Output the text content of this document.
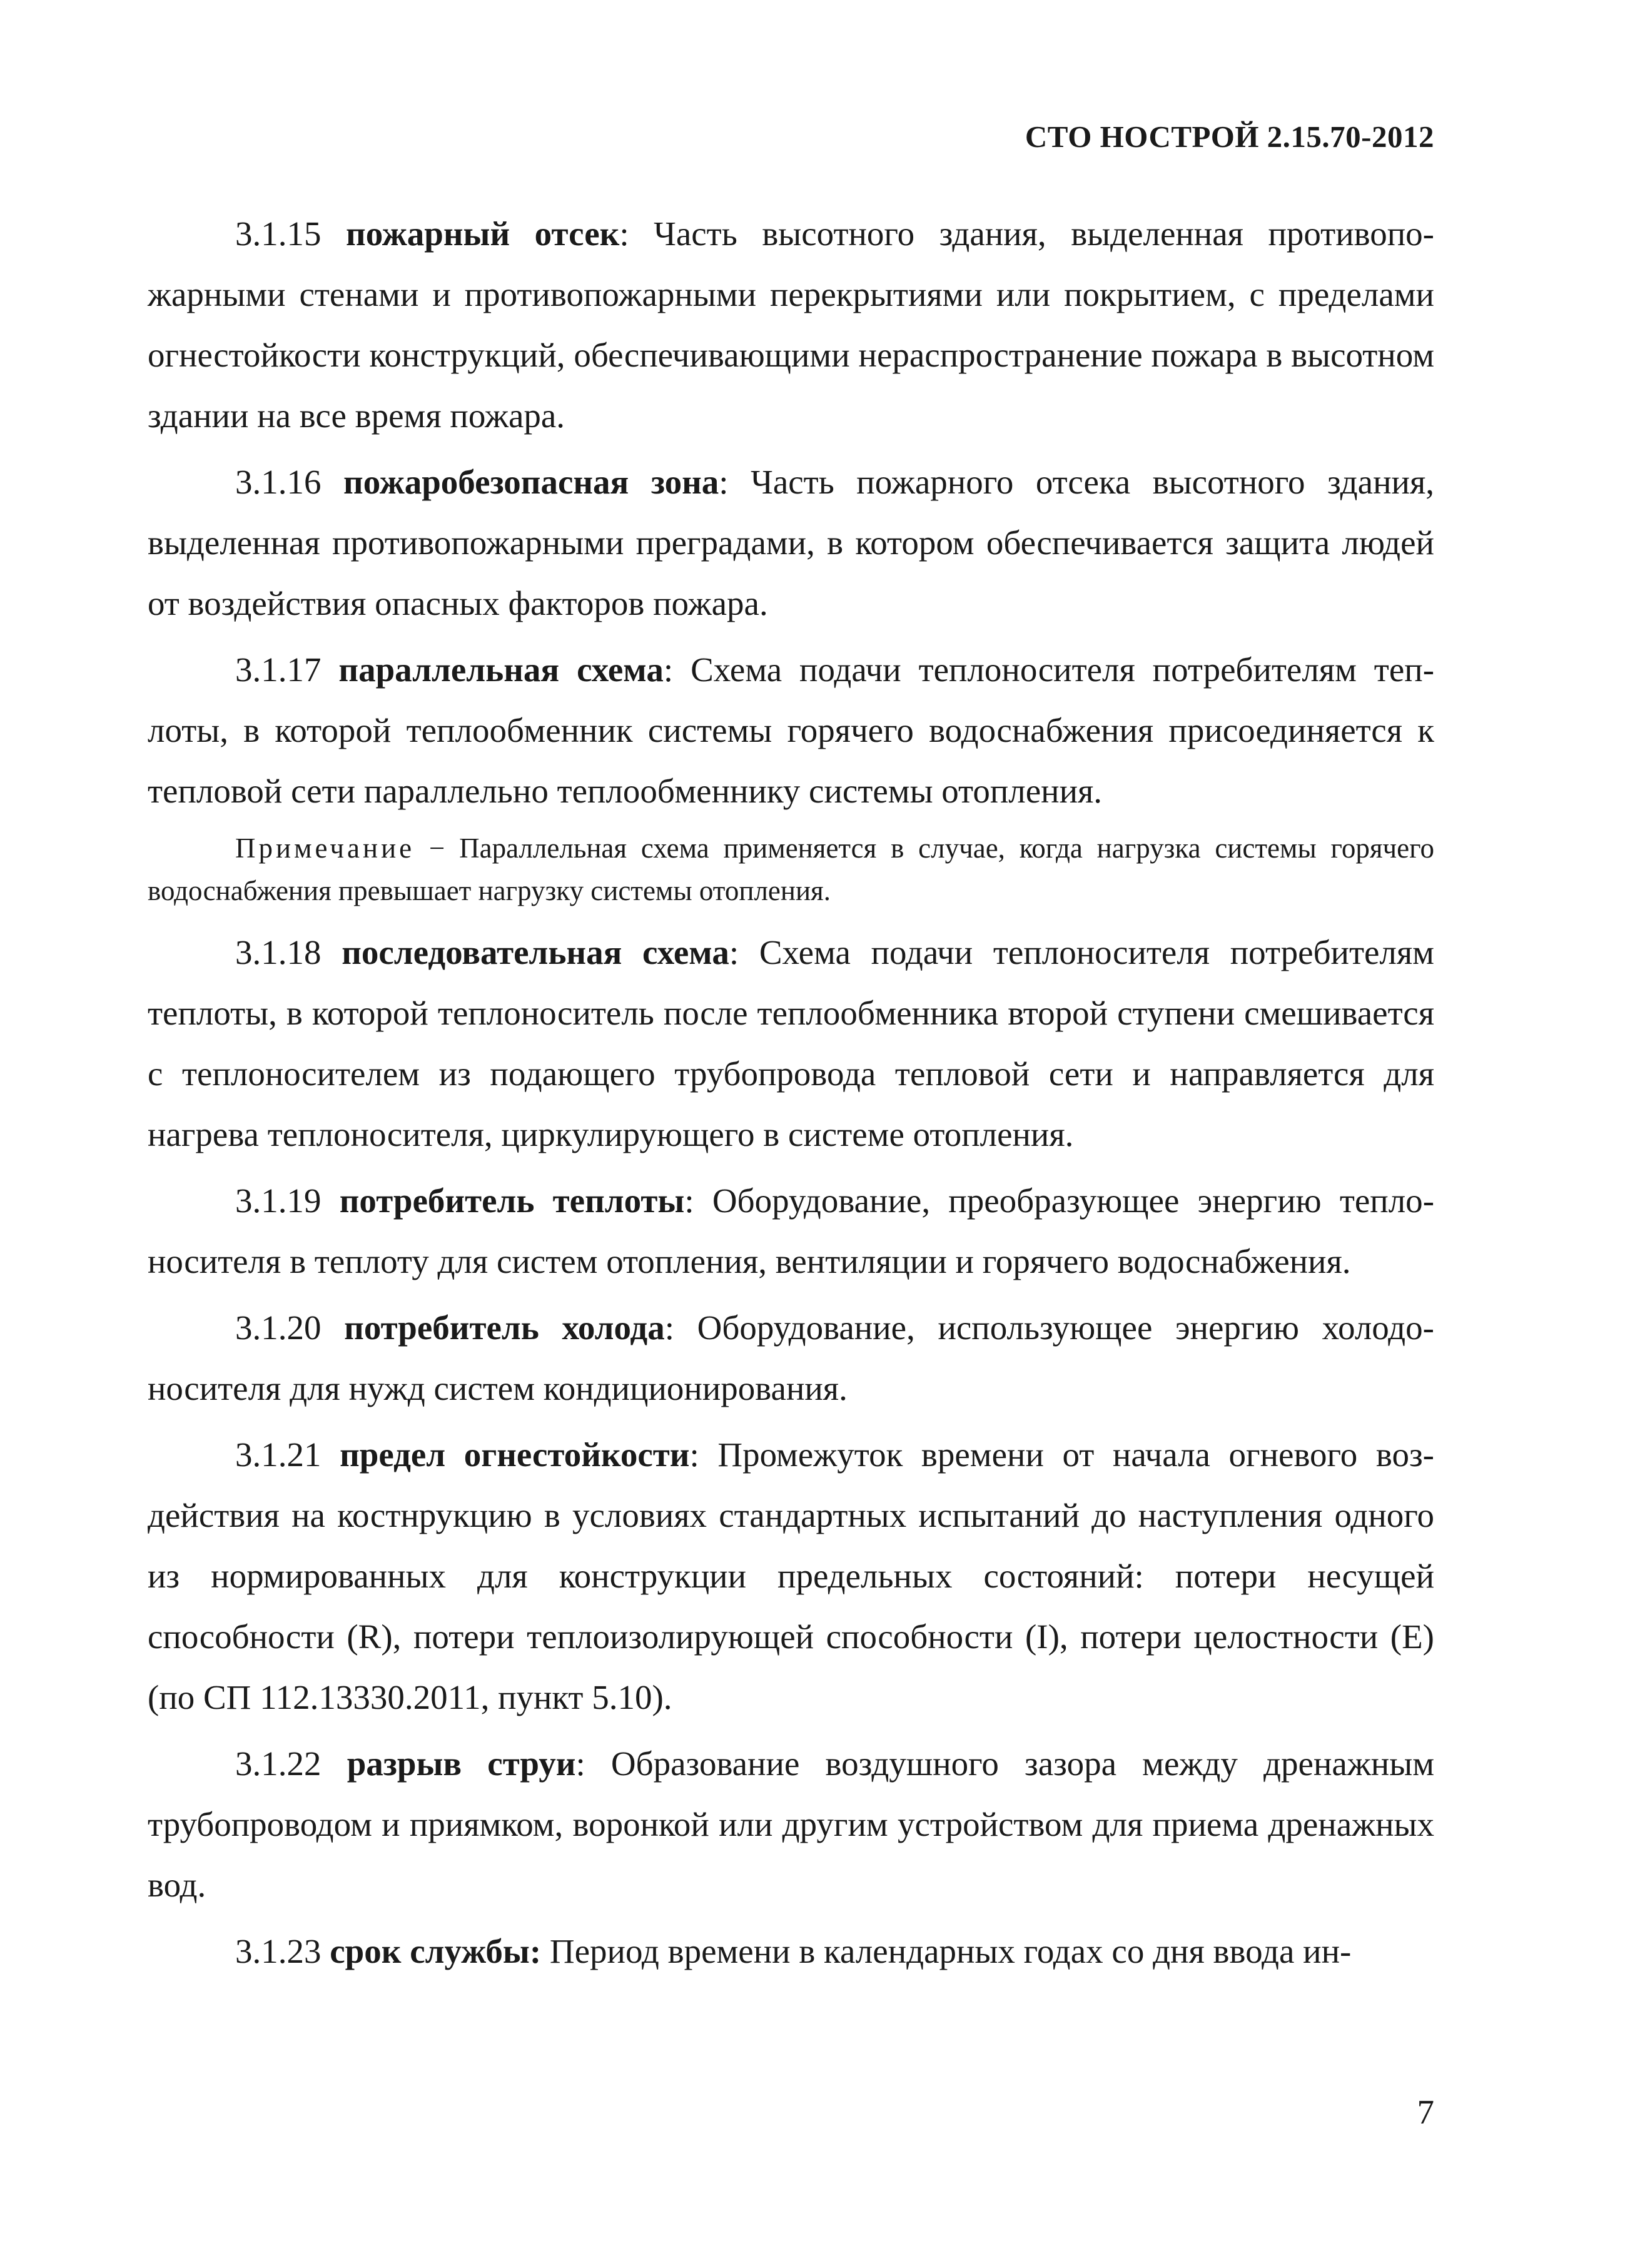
СТО НОСТРОЙ 2.15.70-2012

3.1.15 пожарный отсек: Часть высотного здания, выделенная противопожарными стенами и противопожарными перекрытиями или покрытием, с пределами огнестойкости конструкций, обеспечивающими нераспространение пожара в высотном здании на все время пожара.

3.1.16 пожаробезопасная зона: Часть пожарного отсека высотного здания, выделенная противопожарными преградами, в котором обеспечивается защита людей от воздействия опасных факторов пожара.

3.1.17 параллельная схема: Схема подачи теплоносителя потребителям теплоты, в которой теплообменник системы горячего водоснабжения присоединяется к тепловой сети параллельно теплообменнику системы отопления.

Примечание − Параллельная схема применяется в случае, когда нагрузка системы горячего водоснабжения превышает нагрузку системы отопления.

3.1.18 последовательная схема: Схема подачи теплоносителя потребителям теплоты, в которой теплоноситель после теплообменника второй ступени смешивается с теплоносителем из подающего трубопровода тепловой сети и направляется для нагрева теплоносителя, циркулирующего в системе отопления.

3.1.19 потребитель теплоты: Оборудование, преобразующее энергию теплоносителя в теплоту для систем отопления, вентиляции и горячего водоснабжения.

3.1.20 потребитель холода: Оборудование, использующее энергию холодоносителя для нужд систем кондиционирования.

3.1.21 предел огнестойкости: Промежуток времени от начала огневого воздействия на костнрукцию в условиях стандартных испытаний до наступления одного из нормированных для конструкции предельных состояний: потери несущей способности (R), потери теплоизолирующей способности (I), потери целостности (E) (по СП 112.13330.2011, пункт 5.10).

3.1.22 разрыв струи: Образование воздушного зазора между дренажным трубопроводом и приямком, воронкой или другим устройством для приема дренажных вод.

3.1.23 срок службы: Период времени в календарных годах со дня ввода ин-

7
